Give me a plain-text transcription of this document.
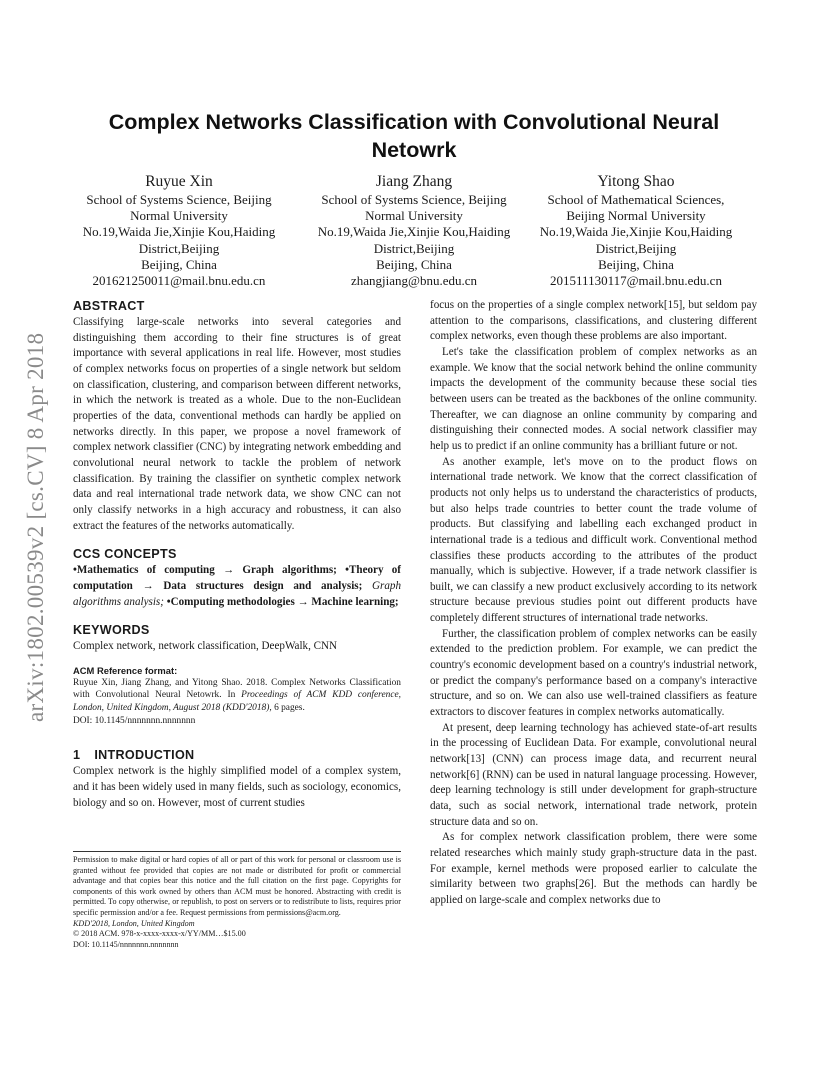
arXiv:1802.00539v2 [cs.CV] 8 Apr 2018
Complex Networks Classification with Convolutional Neural Netowrk
Ruyue Xin
School of Systems Science, Beijing
Normal University
No.19,Waida Jie,Xinjie Kou,Haiding
District,Beijing
Beijing, China
201621250011@mail.bnu.edu.cn
Jiang Zhang
School of Systems Science, Beijing
Normal University
No.19,Waida Jie,Xinjie Kou,Haiding
District,Beijing
Beijing, China
zhangjiang@bnu.edu.cn
Yitong Shao
School of Mathematical Sciences,
Beijing Normal University
No.19,Waida Jie,Xinjie Kou,Haiding
District,Beijing
Beijing, China
201511130117@mail.bnu.edu.cn
ABSTRACT

Classifying large-scale networks into several categories and distinguishing them according to their fine structures is of great importance with several applications in real life. However, most studies of complex networks focus on properties of a single network but seldom on classification, clustering, and comparison between different networks, in which the network is treated as a whole. Due to the non-Euclidean properties of the data, conventional methods can hardly be applied on networks directly. In this paper, we propose a novel framework of complex network classifier (CNC) by integrating network embedding and convolutional neural network to tackle the problem of network classification. By training the classifier on synthetic complex network data and real international trade network data, we show CNC can not only classify networks in a high accuracy and robustness, it can also extract the features of the networks automatically.

CCS CONCEPTS

•Mathematics of computing → Graph algorithms; •Theory of computation → Data structures design and analysis; Graph algorithms analysis; •Computing methodologies → Machine learning;

KEYWORDS

Complex network, network classification, DeepWalk, CNN

ACM Reference format:
Ruyue Xin, Jiang Zhang, and Yitong Shao. 2018. Complex Networks Classification with Convolutional Neural Netowrk. In Proceedings of ACM KDD conference, London, United Kingdom, August 2018 (KDD'2018), 6 pages.
DOI: 10.1145/nnnnnnn.nnnnnnn
1 INTRODUCTION

Complex network is the highly simplified model of a complex system, and it has been widely used in many fields, such as sociology, economics, biology and so on. However, most of current studies

Permission to make digital or hard copies of all or part of this work for personal or classroom use is granted without fee provided that copies are not made or distributed for profit or commercial advantage and that copies bear this notice and the full citation on the first page. Copyrights for components of this work owned by others than ACM must be honored. Abstracting with credit is permitted. To copy otherwise, or republish, to post on servers or to redistribute to lists, requires prior specific permission and/or a fee. Request permissions from permissions@acm.org.

KDD'2018, London, United Kingdom

© 2018 ACM. 978-x-xxxx-xxxx-x/YY/MM…$15.00

DOI: 10.1145/nnnnnnn.nnnnnnn

focus on the properties of a single complex network[15], but seldom pay attention to the comparisons, classifications, and clustering different complex networks, even though these problems are also important.

Let's take the classification problem of complex networks as an example. We know that the social network behind the online community impacts the development of the community because these social ties between users can be treated as the backbones of the online community. Thereafter, we can diagnose an online community by comparing and distinguishing their connected modes. A social network classifier may help us to predict if an online community has a brilliant future or not.

As another example, let's move on to the product flows on international trade network. We know that the correct classification of products not only helps us to understand the characteristics of products, but also helps trade countries to better count the trade volume of products. But classifying and labelling each exchanged product in international trade is a tedious and difficult work. Conventional method classifies these products according to the attributes of the product manually, which is subjective. However, if a trade network classifier is built, we can classify a new product exclusively according to its network structure because previous studies point out different products have completely different structures of international trade networks.

Further, the classification problem of complex networks can be easily extended to the prediction problem. For example, we can predict the country's economic development based on a country's industrial network, or predict the company's performance based on a company's interactive structure, and so on. We can also use well-trained classifiers as feature extractors to discover features in complex networks automatically.

At present, deep learning technology has achieved state-of-art results in the processing of Euclidean Data. For example, convolutional neural network[13] (CNN) can process image data, and recurrent neural network[6] (RNN) can be used in natural language processing. However, deep learning technology is still under development for graph-structure data, such as social network, international trade network, protein structure data and so on.

As for complex network classification problem, there were some related researches which mainly study graph-structure data in the past. For example, kernel methods were proposed earlier to calculate the similarity between two graphs[26]. But the methods can hardly be applied on large-scale and complex networks due to
